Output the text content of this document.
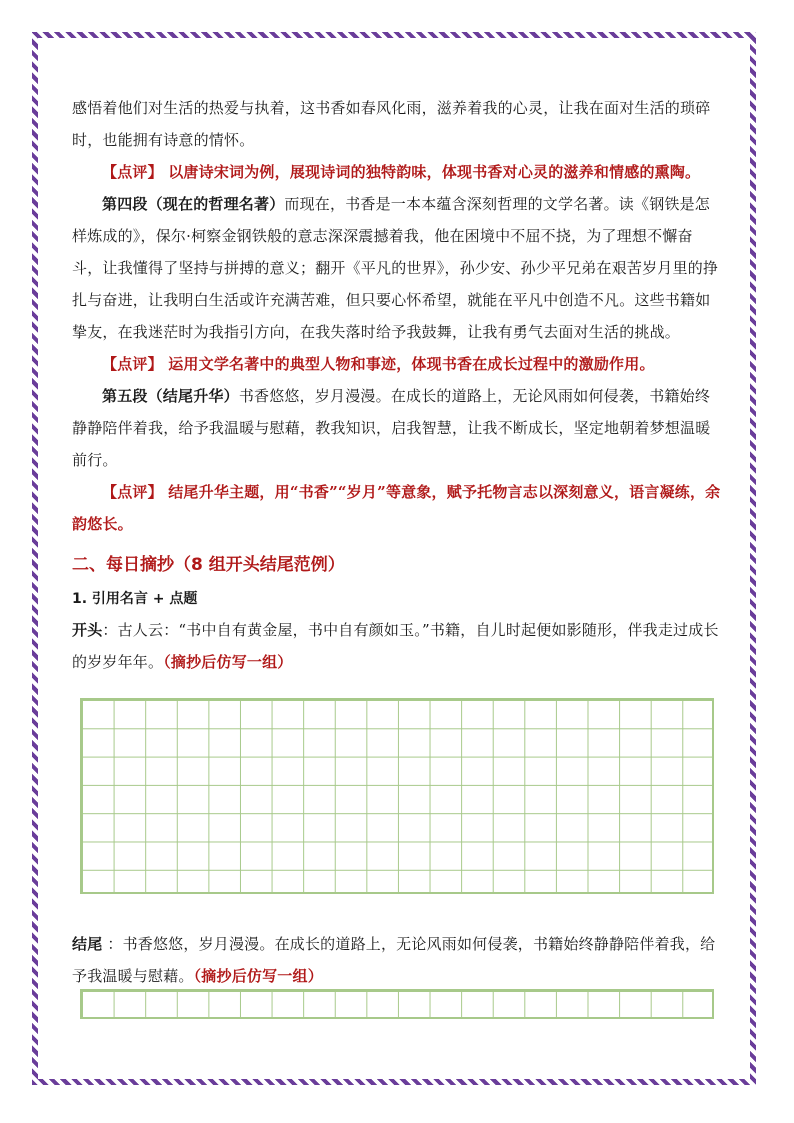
感悟着他们对生活的热爱与执着，这书香如春风化雨，滋养着我的心灵，让我在面对生活的琐碎时，也能拥有诗意的情怀。

【点评】 以唐诗宋词为例，展现诗词的独特韵味，体现书香对心灵的滋养和情感的熏陶。

第四段（现在的哲理名著）而现在，书香是一本本蕴含深刻哲理的文学名著。读《钢铁是怎样炼成的》，保尔·柯察金钢铁般的意志深深震撼着我，他在困境中不屈不挠，为了理想不懈奋斗，让我懂得了坚持与拼搏的意义；翻开《平凡的世界》，孙少安、孙少平兄弟在艰苦岁月里的挣扎与奋进，让我明白生活或许充满苦难，但只要心怀希望，就能在平凡中创造不凡。这些书籍如挚友，在我迷茫时为我指引方向，在我失落时给予我鼓舞，让我有勇气去面对生活的挑战。

【点评】 运用文学名著中的典型人物和事迹，体现书香在成长过程中的激励作用。

第五段（结尾升华）书香悠悠，岁月漫漫。在成长的道路上，无论风雨如何侵袭，书籍始终静静陪伴着我，给予我温暖与慰藉，教我知识，启我智慧，让我不断成长，坚定地朝着梦想温暖前行。

【点评】 结尾升华主题，用“书香”“岁月”等意象，赋予托物言志以深刻意义，语言凝练，余韵悠长。

二、每日摘抄（8 组开头结尾范例）
1. 引用名言 + 点题

开头：古人云：“书中自有黄金屋，书中自有颜如玉。”书籍，自儿时起便如影随形，伴我走过成长的岁岁年年。（摘抄后仿写一组）

结尾 ：书香悠悠，岁月漫漫。在成长的道路上，无论风雨如何侵袭，书籍始终静静陪伴着我，给予我温暖与慰藉。（摘抄后仿写一组）
